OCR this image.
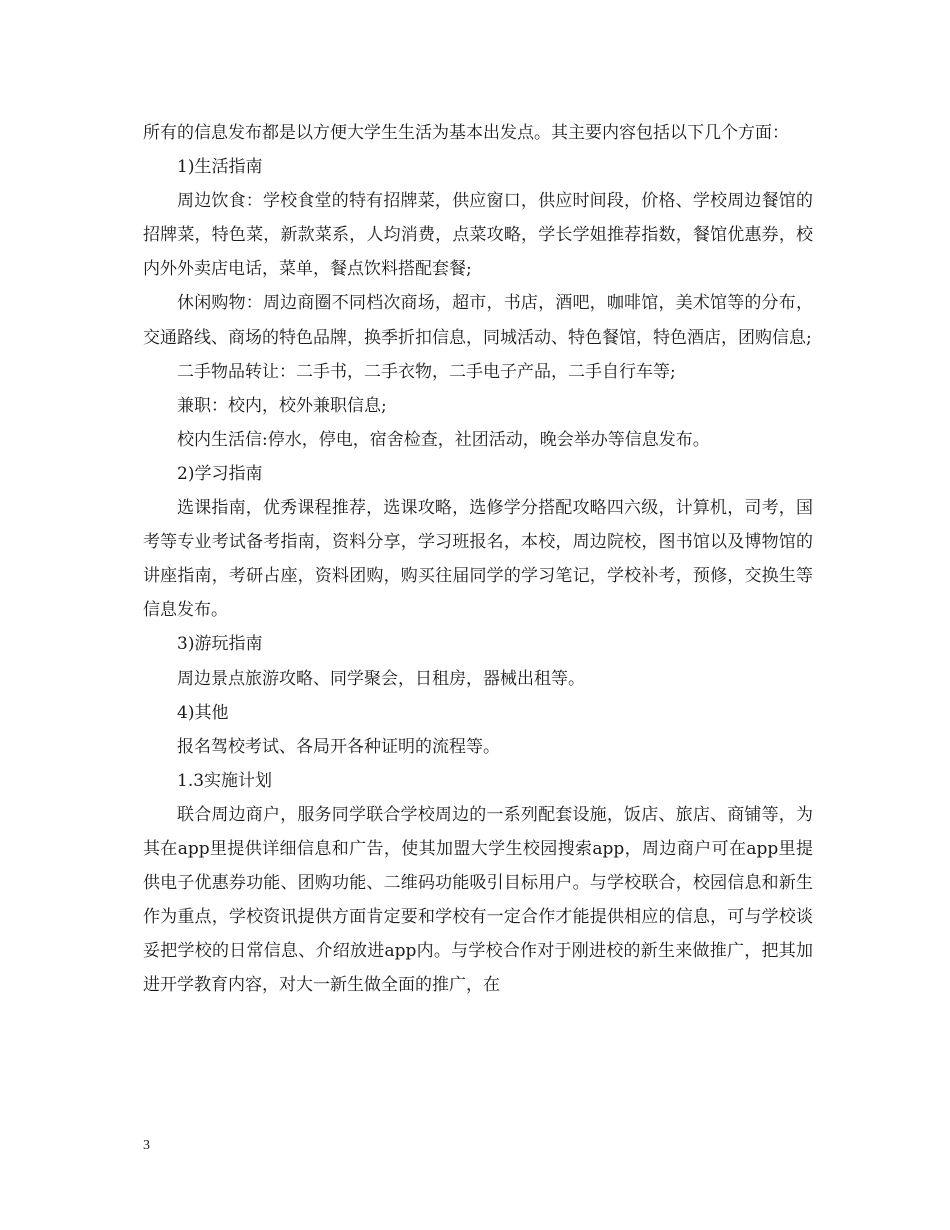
所有的信息发布都是以方便大学生生活为基本出发点。其主要内容包括以下几个方面：

1)生活指南

周边饮食：学校食堂的特有招牌菜，供应窗口，供应时间段，价格、学校周边餐馆的招牌菜，特色菜，新款菜系，人均消费，点菜攻略，学长学姐推荐指数，餐馆优惠券，校内外外卖店电话，菜单，餐点饮料搭配套餐;

休闲购物：周边商圈不同档次商场，超市，书店，酒吧，咖啡馆，美术馆等的分布，交通路线、商场的特色品牌，换季折扣信息，同城活动、特色餐馆，特色酒店，团购信息;

二手物品转让：二手书，二手衣物，二手电子产品，二手自行车等;

兼职：校内，校外兼职信息;

校内生活信:停水，停电，宿舍检查，社团活动，晚会举办等信息发布。

2)学习指南

选课指南，优秀课程推荐，选课攻略，选修学分搭配攻略四六级，计算机，司考，国考等专业考试备考指南，资料分享，学习班报名，本校，周边院校，图书馆以及博物馆的讲座指南，考研占座，资料团购，购买往届同学的学习笔记，学校补考，预修，交换生等信息发布。

3)游玩指南

周边景点旅游攻略、同学聚会，日租房，器械出租等。

4)其他

报名驾校考试、各局开各种证明的流程等。

1.3实施计划

联合周边商户，服务同学联合学校周边的一系列配套设施，饭店、旅店、商铺等，为其在app里提供详细信息和广告，使其加盟大学生校园搜索app，周边商户可在app里提供电子优惠券功能、团购功能、二维码功能吸引目标用户。与学校联合，校园信息和新生作为重点，学校资讯提供方面肯定要和学校有一定合作才能提供相应的信息，可与学校谈妥把学校的日常信息、介绍放进app内。与学校合作对于刚进校的新生来做推广，把其加进开学教育内容，对大一新生做全面的推广，在

3
